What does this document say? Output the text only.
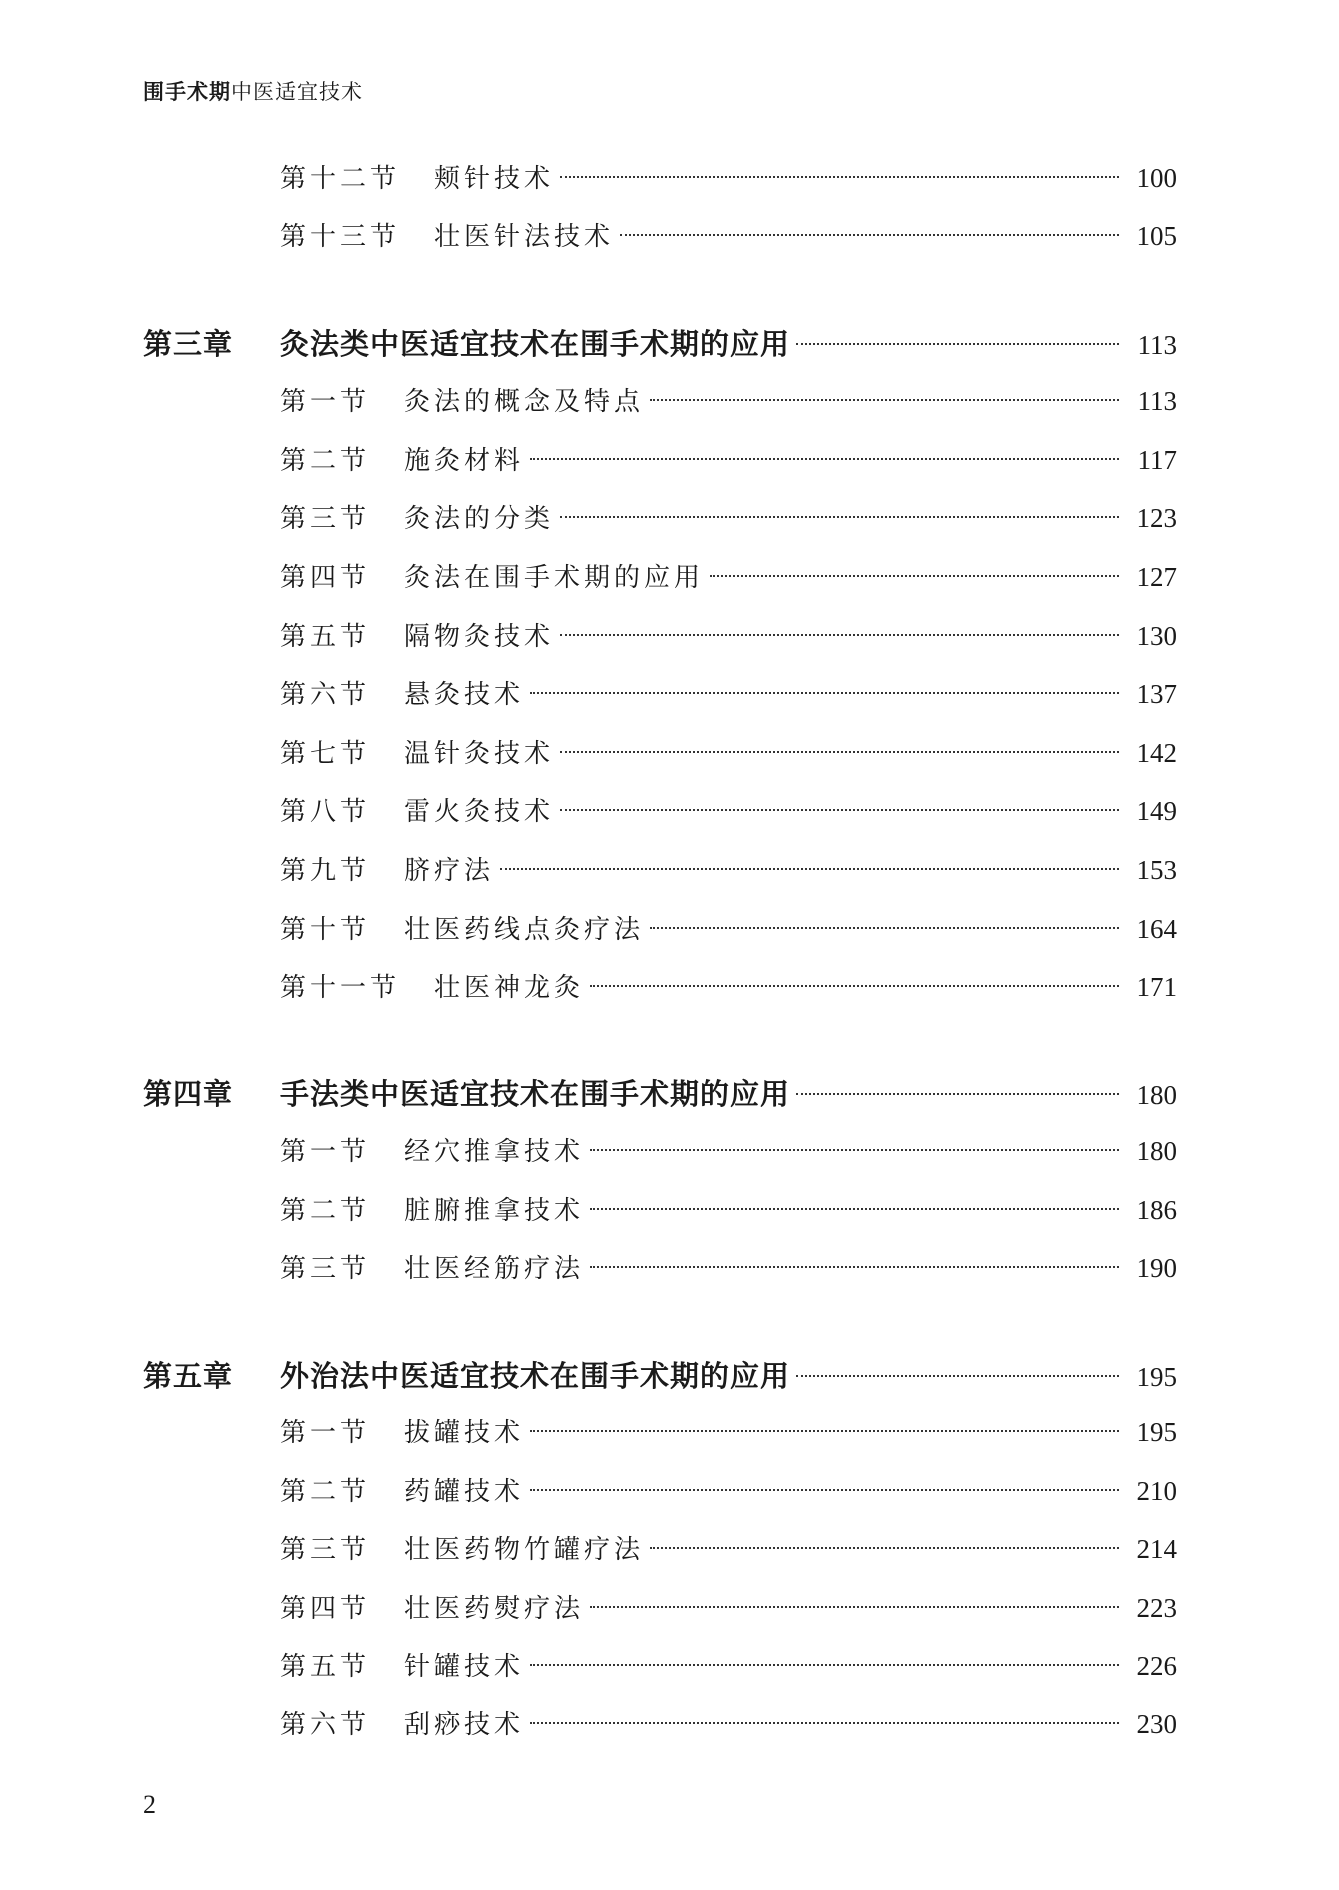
围手术期中医适宜技术
第十二节	颊针技术	100
第十三节	壮医针法技术	105
第三章	灸法类中医适宜技术在围手术期的应用	113
第一节	灸法的概念及特点	113
第二节	施灸材料	117
第三节	灸法的分类	123
第四节	灸法在围手术期的应用	127
第五节	隔物灸技术	130
第六节	悬灸技术	137
第七节	温针灸技术	142
第八节	雷火灸技术	149
第九节	脐疗法	153
第十节	壮医药线点灸疗法	164
第十一节	壮医神龙灸	171
第四章	手法类中医适宜技术在围手术期的应用	180
第一节	经穴推拿技术	180
第二节	脏腑推拿技术	186
第三节	壮医经筋疗法	190
第五章	外治法中医适宜技术在围手术期的应用	195
第一节	拔罐技术	195
第二节	药罐技术	210
第三节	壮医药物竹罐疗法	214
第四节	壮医药熨疗法	223
第五节	针罐技术	226
第六节	刮痧技术	230
2
